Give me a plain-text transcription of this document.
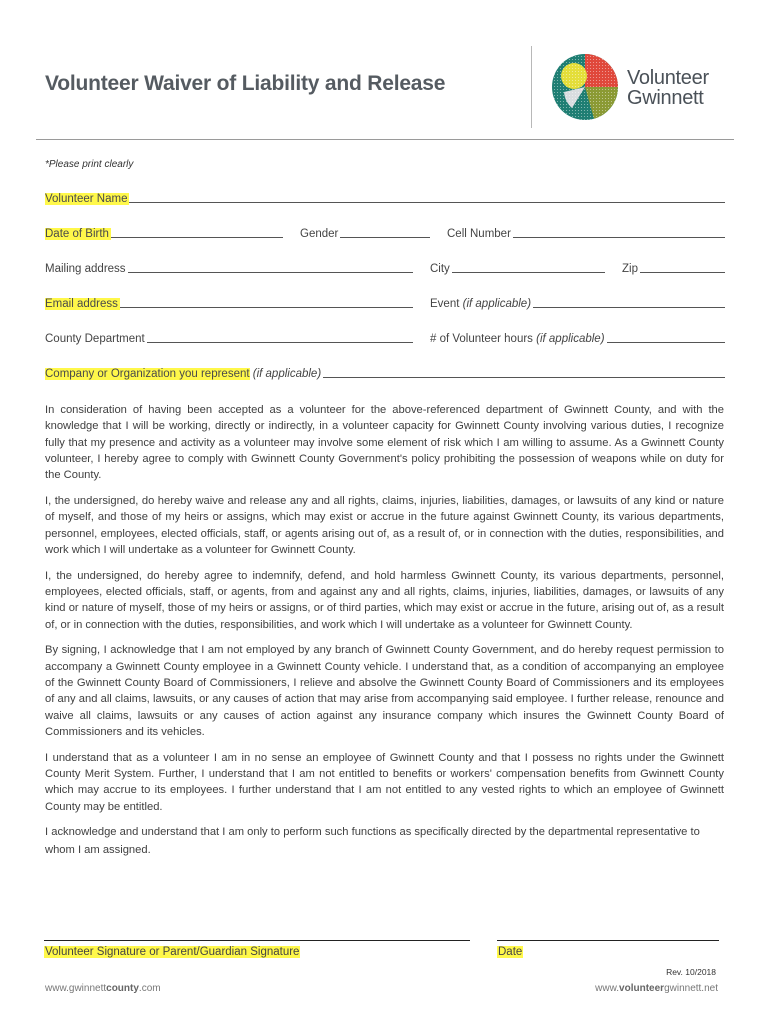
Volunteer Waiver of Liability and Release	Volunteer
Gwinnett
*Please print clearly
Volunteer Name
Date of Birth	Gender	Cell Number
Mailing address	City	Zip
Email address	Event (if applicable)
County Department	# of Volunteer hours (if applicable)
Company or Organization you represent (if applicable)

In consideration of having been accepted as a volunteer for the above-referenced department of Gwinnett County, and with the knowledge that I will be working, directly or indirectly, in a volunteer capacity for Gwinnett County involving various duties, I recognize fully that my presence and activity as a volunteer may involve some element of risk which I am willing to assume. As a Gwinnett County volunteer, I hereby agree to comply with Gwinnett County Government's policy prohibiting the possession of weapons while on duty for the County.

I, the undersigned, do hereby waive and release any and all rights, claims, injuries, liabilities, damages, or lawsuits of any kind or nature of myself, and those of my heirs or assigns, which may exist or accrue in the future against Gwinnett County, its various departments, personnel, employees, elected officials, staff, or agents arising out of, as a result of, or in connection with the duties, responsibilities, and work which I will undertake as a volunteer for Gwinnett County.

I, the undersigned, do hereby agree to indemnify, defend, and hold harmless Gwinnett County, its various departments, personnel, employees, elected officials, staff, or agents, from and against any and all rights, claims, injuries, liabilities, damages, or lawsuits of any kind or nature of myself, those of my heirs or assigns, or of third parties, which may exist or accrue in the future, arising out of, as a result of, or in connection with the duties, responsibilities, and work which I will undertake as a volunteer for Gwinnett County.

By signing, I acknowledge that I am not employed by any branch of Gwinnett County Government, and do hereby request permission to accompany a Gwinnett County employee in a Gwinnett County vehicle. I understand that, as a condition of accompanying an employee of the Gwinnett County Board of Commissioners, I relieve and absolve the Gwinnett County Board of Commissioners and its employees of any and all claims, lawsuits, or any causes of action that may arise from accompanying said employee. I further release, renounce and waive all claims, lawsuits or any causes of action against any insurance company which insures the Gwinnett County Board of Commissioners and its vehicles.

I understand that as a volunteer I am in no sense an employee of Gwinnett County and that I possess no rights under the Gwinnett County Merit System. Further, I understand that I am not entitled to benefits or workers' compensation benefits from Gwinnett County which may accrue to its employees. I further understand that I am not entitled to any vested rights to which an employee of Gwinnett County may be entitled.

I acknowledge and understand that I am only to perform such functions as specifically directed by the departmental representative to whom I am assigned.

Volunteer Signature or Parent/Guardian Signature	Date
Rev. 10/2018
www.gwinnettcounty.com	www.volunteergwinnett.net
